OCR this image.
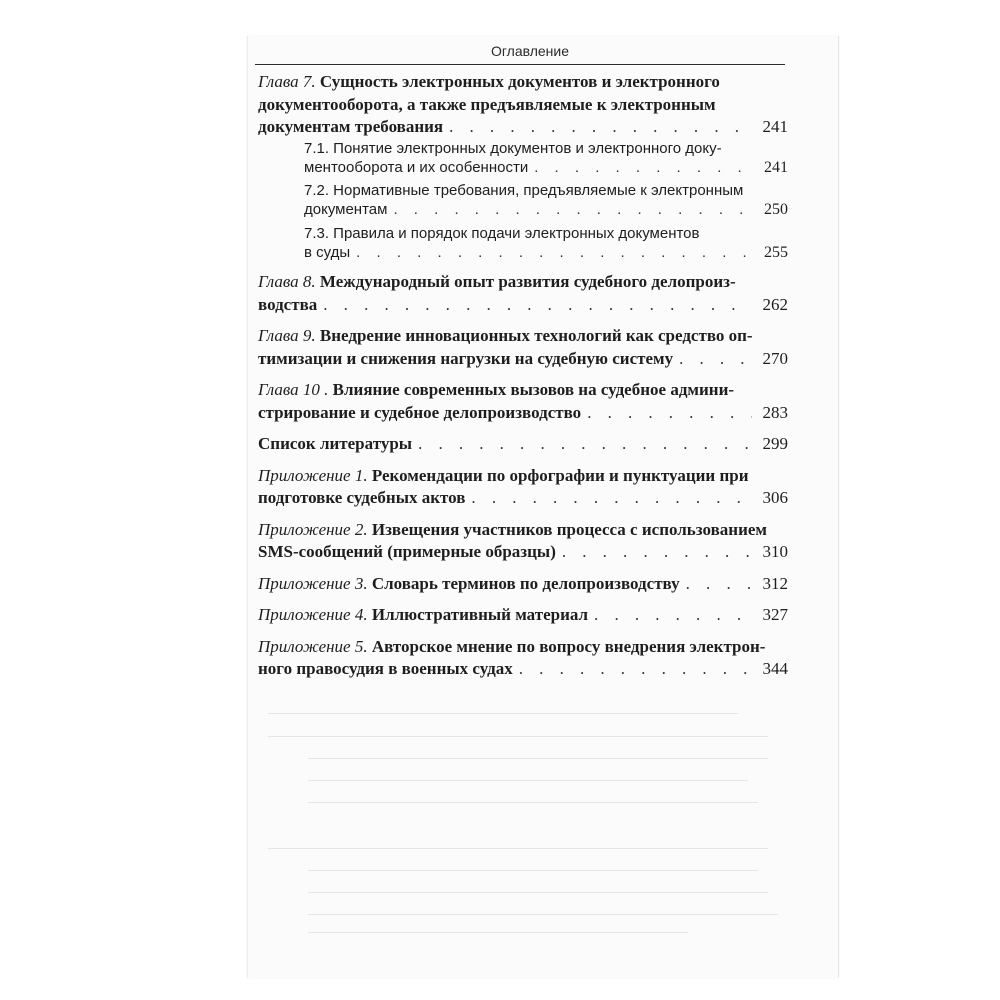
Оглавление
Глава 7. Сущность электронных документов и электронного
документооборота, а также предъявляемые к электронным
документам требования . . .	241
7.1. Понятие электронных документов и электронного доку-
ментооборота и их особенности . . .	241
7.2. Нормативные требования, предъявляемые к электронным
документам . . .	250
7.3. Правила и порядок подачи электронных документов
в суды . . .	255
Глава 8. Международный опыт развития судебного делопроиз-
водства . . .	262
Глава 9. Внедрение инновационных технологий как средство оп-
тимизации и снижения нагрузки на судебную систему . . .	270
Глава 10 . Влияние современных вызовов на судебное админи-
стрирование и судебное делопроизводство . . .	283
Список литературы . . .	299
Приложение 1. Рекомендации по орфографии и пунктуации при
подготовке судебных актов . . .	306
Приложение 2. Извещения участников процесса с использованием
SMS-сообщений (примерные образцы) . . .	310
Приложение 3. Словарь терминов по делопроизводству . . .	312
Приложение 4. Иллюстративный материал . . .	327
Приложение 5. Авторское мнение по вопросу внедрения электрон-
ного правосудия в военных судах . . .	344
